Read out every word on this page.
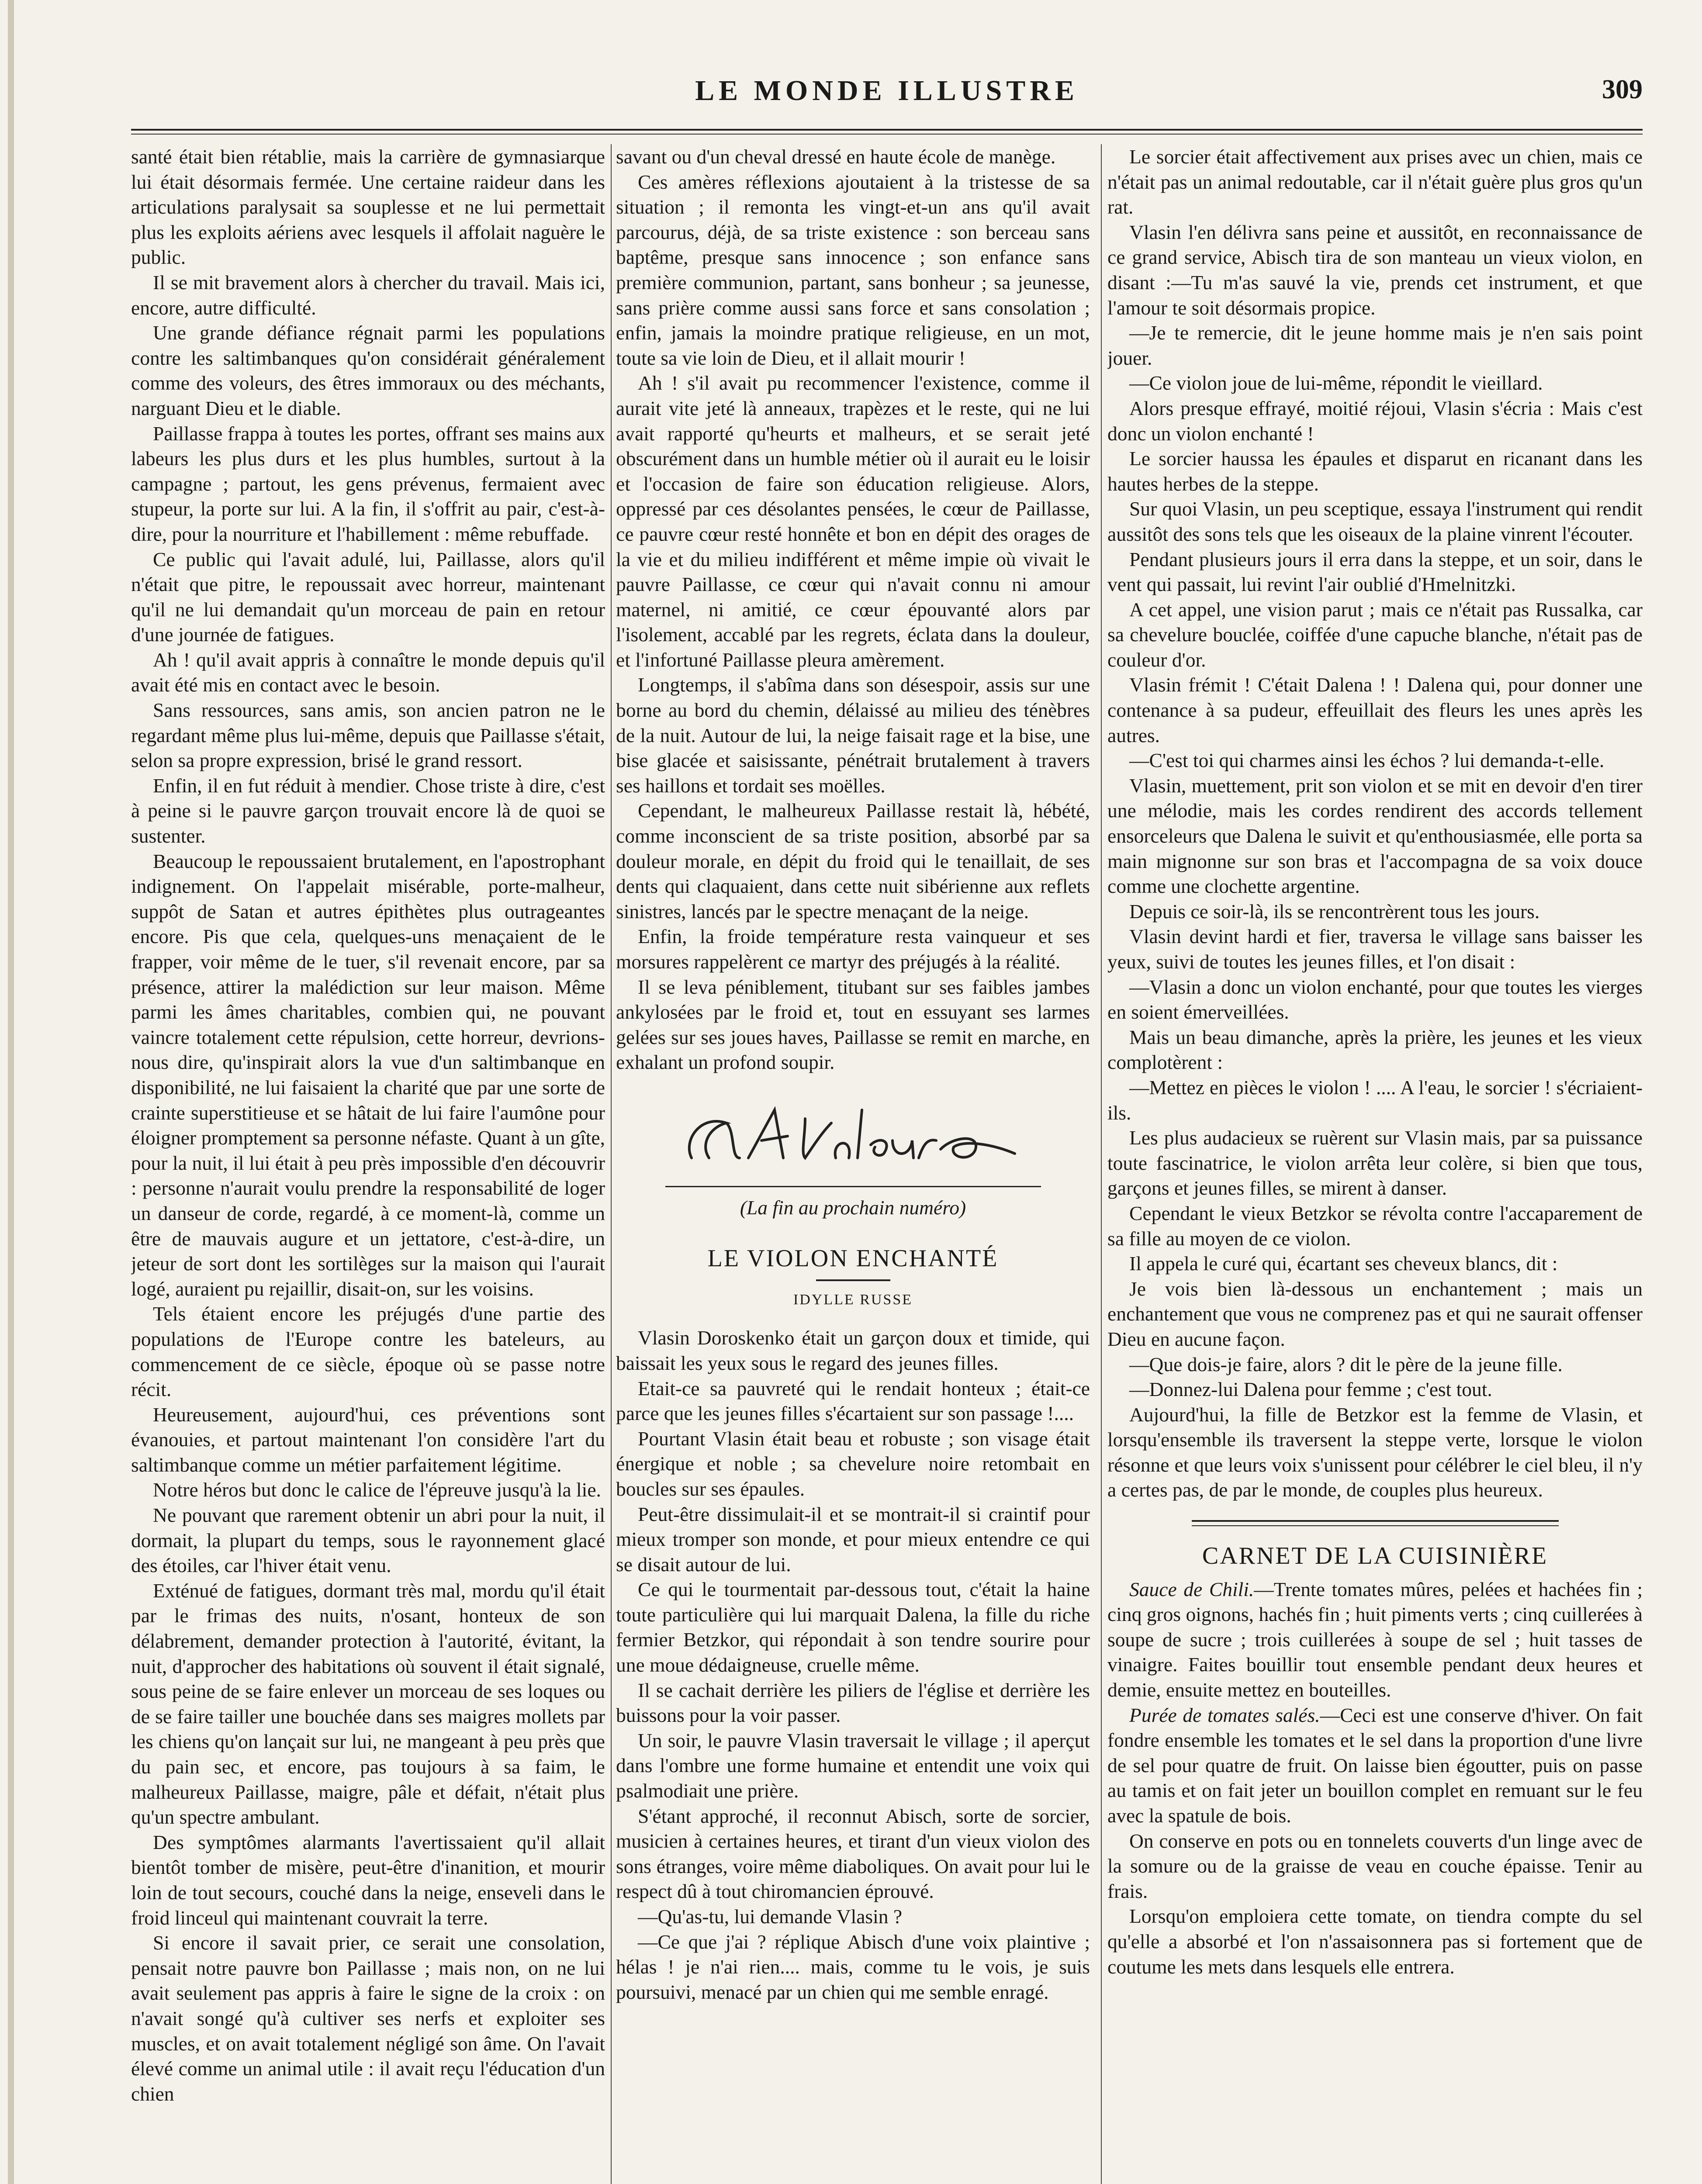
LE MONDE ILLUSTRE	309

santé était bien rétablie, mais la carrière de gymnasiarque lui était désormais fermée. Une certaine raideur dans les articulations paralysait sa souplesse et ne lui permettait plus les exploits aériens avec lesquels il affolait naguère le public.

Il se mit bravement alors à chercher du travail. Mais ici, encore, autre difficulté.

Une grande défiance régnait parmi les populations contre les saltimbanques qu'on considérait généralement comme des voleurs, des êtres immoraux ou des méchants, narguant Dieu et le diable.

Paillasse frappa à toutes les portes, offrant ses mains aux labeurs les plus durs et les plus humbles, surtout à la campagne ; partout, les gens prévenus, fermaient avec stupeur, la porte sur lui. A la fin, il s'offrit au pair, c'est-à-dire, pour la nourriture et l'habillement : même rebuffade.

Ce public qui l'avait adulé, lui, Paillasse, alors qu'il n'était que pitre, le repoussait avec horreur, maintenant qu'il ne lui demandait qu'un morceau de pain en retour d'une journée de fatigues.

Ah ! qu'il avait appris à connaître le monde depuis qu'il avait été mis en contact avec le besoin.

Sans ressources, sans amis, son ancien patron ne le regardant même plus lui-même, depuis que Paillasse s'était, selon sa propre expression, brisé le grand ressort.

Enfin, il en fut réduit à mendier. Chose triste à dire, c'est à peine si le pauvre garçon trouvait encore là de quoi se sustenter.

Beaucoup le repoussaient brutalement, en l'apostrophant indignement. On l'appelait misérable, porte-malheur, suppôt de Satan et autres épithètes plus outrageantes encore. Pis que cela, quelques-uns menaçaient de le frapper, voir même de le tuer, s'il revenait encore, par sa présence, attirer la malédiction sur leur maison. Même parmi les âmes charitables, combien qui, ne pouvant vaincre totalement cette répulsion, cette horreur, devrions-nous dire, qu'inspirait alors la vue d'un saltimbanque en disponibilité, ne lui faisaient la charité que par une sorte de crainte superstitieuse et se hâtait de lui faire l'aumône pour éloigner promptement sa personne néfaste. Quant à un gîte, pour la nuit, il lui était à peu près impossible d'en découvrir : personne n'aurait voulu prendre la responsabilité de loger un danseur de corde, regardé, à ce moment-là, comme un être de mauvais augure et un jettatore, c'est-à-dire, un jeteur de sort dont les sortilèges sur la maison qui l'aurait logé, auraient pu rejaillir, disait-on, sur les voisins.

Tels étaient encore les préjugés d'une partie des populations de l'Europe contre les bateleurs, au commencement de ce siècle, époque où se passe notre récit.

Heureusement, aujourd'hui, ces préventions sont évanouies, et partout maintenant l'on considère l'art du saltimbanque comme un métier parfaitement légitime.

Notre héros but donc le calice de l'épreuve jusqu'à la lie.

Ne pouvant que rarement obtenir un abri pour la nuit, il dormait, la plupart du temps, sous le rayonnement glacé des étoiles, car l'hiver était venu.

Exténué de fatigues, dormant très mal, mordu qu'il était par le frimas des nuits, n'osant, honteux de son délabrement, demander protection à l'autorité, évitant, la nuit, d'approcher des habitations où souvent il était signalé, sous peine de se faire enlever un morceau de ses loques ou de se faire tailler une bouchée dans ses maigres mollets par les chiens qu'on lançait sur lui, ne mangeant à peu près que du pain sec, et encore, pas toujours à sa faim, le malheureux Paillasse, maigre, pâle et défait, n'était plus qu'un spectre ambulant.

Des symptômes alarmants l'avertissaient qu'il allait bientôt tomber de misère, peut-être d'inanition, et mourir loin de tout secours, couché dans la neige, enseveli dans le froid linceul qui maintenant couvrait la terre.

Si encore il savait prier, ce serait une consolation, pensait notre pauvre bon Paillasse ; mais non, on ne lui avait seulement pas appris à faire le signe de la croix : on n'avait songé qu'à cultiver ses nerfs et exploiter ses muscles, et on avait totalement négligé son âme. On l'avait élevé comme un animal utile : il avait reçu l'éducation d'un chien

savant ou d'un cheval dressé en haute école de manège.

Ces amères réflexions ajoutaient à la tristesse de sa situation ; il remonta les vingt-et-un ans qu'il avait parcourus, déjà, de sa triste existence : son berceau sans baptême, presque sans innocence ; son enfance sans première communion, partant, sans bonheur ; sa jeunesse, sans prière comme aussi sans force et sans consolation ; enfin, jamais la moindre pratique religieuse, en un mot, toute sa vie loin de Dieu, et il allait mourir !

Ah ! s'il avait pu recommencer l'existence, comme il aurait vite jeté là anneaux, trapèzes et le reste, qui ne lui avait rapporté qu'heurts et malheurs, et se serait jeté obscurément dans un humble métier où il aurait eu le loisir et l'occasion de faire son éducation religieuse. Alors, oppressé par ces désolantes pensées, le cœur de Paillasse, ce pauvre cœur resté honnête et bon en dépit des orages de la vie et du milieu indifférent et même impie où vivait le pauvre Paillasse, ce cœur qui n'avait connu ni amour maternel, ni amitié, ce cœur épouvanté alors par l'isolement, accablé par les regrets, éclata dans la douleur, et l'infortuné Paillasse pleura amèrement.

Longtemps, il s'abîma dans son désespoir, assis sur une borne au bord du chemin, délaissé au milieu des ténèbres de la nuit. Autour de lui, la neige faisait rage et la bise, une bise glacée et saisissante, pénétrait brutalement à travers ses haillons et tordait ses moëlles.

Cependant, le malheureux Paillasse restait là, hébété, comme inconscient de sa triste position, absorbé par sa douleur morale, en dépit du froid qui le tenaillait, de ses dents qui claquaient, dans cette nuit sibérienne aux reflets sinistres, lancés par le spectre menaçant de la neige.

Enfin, la froide température resta vainqueur et ses morsures rappelèrent ce martyr des préjugés à la réalité.

Il se leva péniblement, titubant sur ses faibles jambes ankylosées par le froid et, tout en essuyant ses larmes gelées sur ses joues haves, Paillasse se remit en marche, en exhalant un profond soupir.

(La fin au prochain numéro)
LE VIOLON ENCHANTÉ
IDYLLE RUSSE

Vlasin Doroskenko était un garçon doux et timide, qui baissait les yeux sous le regard des jeunes filles.

Etait-ce sa pauvreté qui le rendait honteux ; était-ce parce que les jeunes filles s'écartaient sur son passage !....

Pourtant Vlasin était beau et robuste ; son visage était énergique et noble ; sa chevelure noire retombait en boucles sur ses épaules.

Peut-être dissimulait-il et se montrait-il si craintif pour mieux tromper son monde, et pour mieux entendre ce qui se disait autour de lui.

Ce qui le tourmentait par-dessous tout, c'était la haine toute particulière qui lui marquait Dalena, la fille du riche fermier Betzkor, qui répondait à son tendre sourire pour une moue dédaigneuse, cruelle même.

Il se cachait derrière les piliers de l'église et derrière les buissons pour la voir passer.

Un soir, le pauvre Vlasin traversait le village ; il aperçut dans l'ombre une forme humaine et entendit une voix qui psalmodiait une prière.

S'étant approché, il reconnut Abisch, sorte de sorcier, musicien à certaines heures, et tirant d'un vieux violon des sons étranges, voire même diaboliques. On avait pour lui le respect dû à tout chiromancien éprouvé.

—Qu'as-tu, lui demande Vlasin ?

—Ce que j'ai ? réplique Abisch d'une voix plaintive ; hélas ! je n'ai rien.... mais, comme tu le vois, je suis poursuivi, menacé par un chien qui me semble enragé.

Le sorcier était affectivement aux prises avec un chien, mais ce n'était pas un animal redoutable, car il n'était guère plus gros qu'un rat.

Vlasin l'en délivra sans peine et aussitôt, en reconnaissance de ce grand service, Abisch tira de son manteau un vieux violon, en disant :—Tu m'as sauvé la vie, prends cet instrument, et que l'amour te soit désormais propice.

—Je te remercie, dit le jeune homme mais je n'en sais point jouer.

—Ce violon joue de lui-même, répondit le vieillard.

Alors presque effrayé, moitié réjoui, Vlasin s'écria : Mais c'est donc un violon enchanté !

Le sorcier haussa les épaules et disparut en ricanant dans les hautes herbes de la steppe.

Sur quoi Vlasin, un peu sceptique, essaya l'instrument qui rendit aussitôt des sons tels que les oiseaux de la plaine vinrent l'écouter.

Pendant plusieurs jours il erra dans la steppe, et un soir, dans le vent qui passait, lui revint l'air oublié d'Hmelnitzki.

A cet appel, une vision parut ; mais ce n'était pas Russalka, car sa chevelure bouclée, coiffée d'une capuche blanche, n'était pas de couleur d'or.

Vlasin frémit ! C'était Dalena ! ! Dalena qui, pour donner une contenance à sa pudeur, effeuillait des fleurs les unes après les autres.

—C'est toi qui charmes ainsi les échos ? lui demanda-t-elle.

Vlasin, muettement, prit son violon et se mit en devoir d'en tirer une mélodie, mais les cordes rendirent des accords tellement ensorceleurs que Dalena le suivit et qu'enthousiasmée, elle porta sa main mignonne sur son bras et l'accompagna de sa voix douce comme une clochette argentine.

Depuis ce soir-là, ils se rencontrèrent tous les jours.

Vlasin devint hardi et fier, traversa le village sans baisser les yeux, suivi de toutes les jeunes filles, et l'on disait :

—Vlasin a donc un violon enchanté, pour que toutes les vierges en soient émerveillées.

Mais un beau dimanche, après la prière, les jeunes et les vieux complotèrent :

—Mettez en pièces le violon ! .... A l'eau, le sorcier ! s'écriaient-ils.

Les plus audacieux se ruèrent sur Vlasin mais, par sa puissance toute fascinatrice, le violon arrêta leur colère, si bien que tous, garçons et jeunes filles, se mirent à danser.

Cependant le vieux Betzkor se révolta contre l'accaparement de sa fille au moyen de ce violon.

Il appela le curé qui, écartant ses cheveux blancs, dit :

Je vois bien là-dessous un enchantement ; mais un enchantement que vous ne comprenez pas et qui ne saurait offenser Dieu en aucune façon.

—Que dois-je faire, alors ? dit le père de la jeune fille.

—Donnez-lui Dalena pour femme ; c'est tout.

Aujourd'hui, la fille de Betzkor est la femme de Vlasin, et lorsqu'ensemble ils traversent la steppe verte, lorsque le violon résonne et que leurs voix s'unissent pour célébrer le ciel bleu, il n'y a certes pas, de par le monde, de couples plus heureux.

CARNET DE LA CUISINIÈRE

Sauce de Chili.—Trente tomates mûres, pelées et hachées fin ; cinq gros oignons, hachés fin ; huit piments verts ; cinq cuillerées à soupe de sucre ; trois cuillerées à soupe de sel ; huit tasses de vinaigre. Faites bouillir tout ensemble pendant deux heures et demie, ensuite mettez en bouteilles.

Purée de tomates salés.—Ceci est une conserve d'hiver. On fait fondre ensemble les tomates et le sel dans la proportion d'une livre de sel pour quatre de fruit. On laisse bien égoutter, puis on passe au tamis et on fait jeter un bouillon complet en remuant sur le feu avec la spatule de bois.

On conserve en pots ou en tonnelets couverts d'un linge avec de la somure ou de la graisse de veau en couche épaisse. Tenir au frais.

Lorsqu'on emploiera cette tomate, on tiendra compte du sel qu'elle a absorbé et l'on n'assaisonnera pas si fortement que de coutume les mets dans lesquels elle entrera.
